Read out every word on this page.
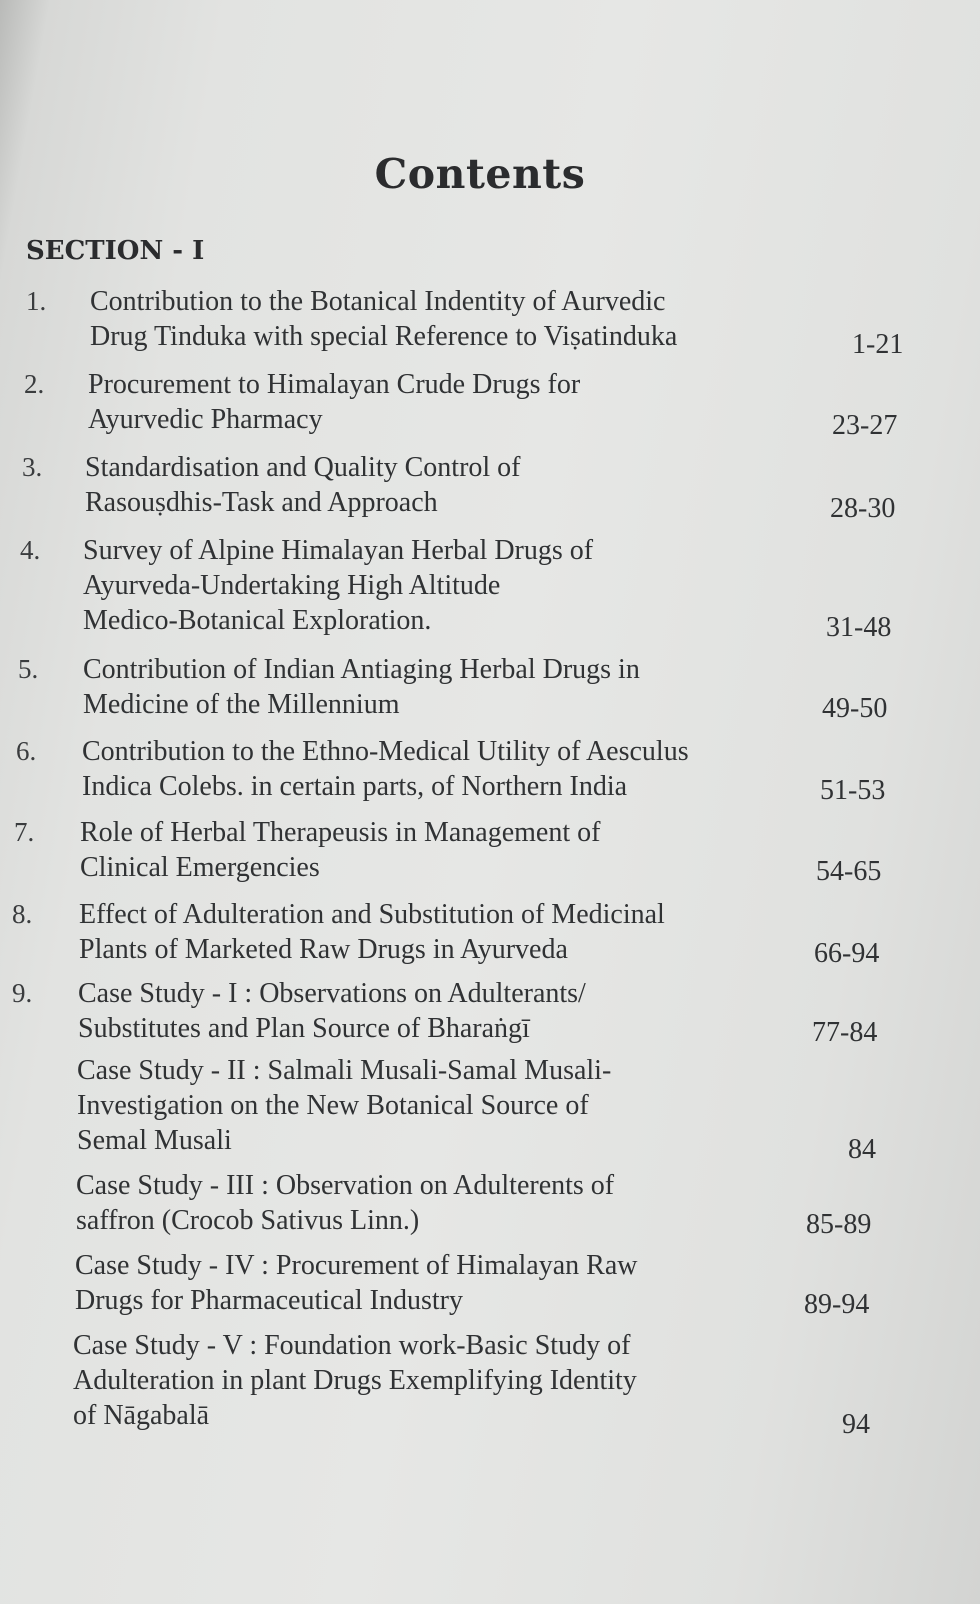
Contents
SECTION - I
1. Contribution to the Botanical Indentity of Aurvedic
Drug Tinduka with special Reference to Viṣatinduka	1-21
2. Procurement to Himalayan Crude Drugs for
Ayurvedic Pharmacy	23-27
3. Standardisation and Quality Control of
Rasouṣdhis-Task and Approach	28-30
4. Survey of Alpine Himalayan Herbal Drugs of
Ayurveda-Undertaking High Altitude
Medico-Botanical Exploration.	31-48
5. Contribution of Indian Antiaging Herbal Drugs in
Medicine of the Millennium	49-50
6. Contribution to the Ethno-Medical Utility of Aesculus
Indica Colebs. in certain parts, of Northern India	51-53
7. Role of Herbal Therapeusis in Management of
Clinical Emergencies	54-65
8. Effect of Adulteration and Substitution of Medicinal
Plants of Marketed Raw Drugs in Ayurveda	66-94
9. Case Study - I : Observations on Adulterants/
Substitutes and Plan Source of Bharaṅgī	77-84
Case Study - II : Salmali Musali-Samal Musali-
Investigation on the New Botanical Source of
Semal Musali	84
Case Study - III : Observation on Adulterents of
saffron (Crocob Sativus Linn.)	85-89
Case Study - IV : Procurement of Himalayan Raw
Drugs for Pharmaceutical Industry	89-94
Case Study - V : Foundation work-Basic Study of
Adulteration in plant Drugs Exemplifying Identity
of Nāgabalā	94
